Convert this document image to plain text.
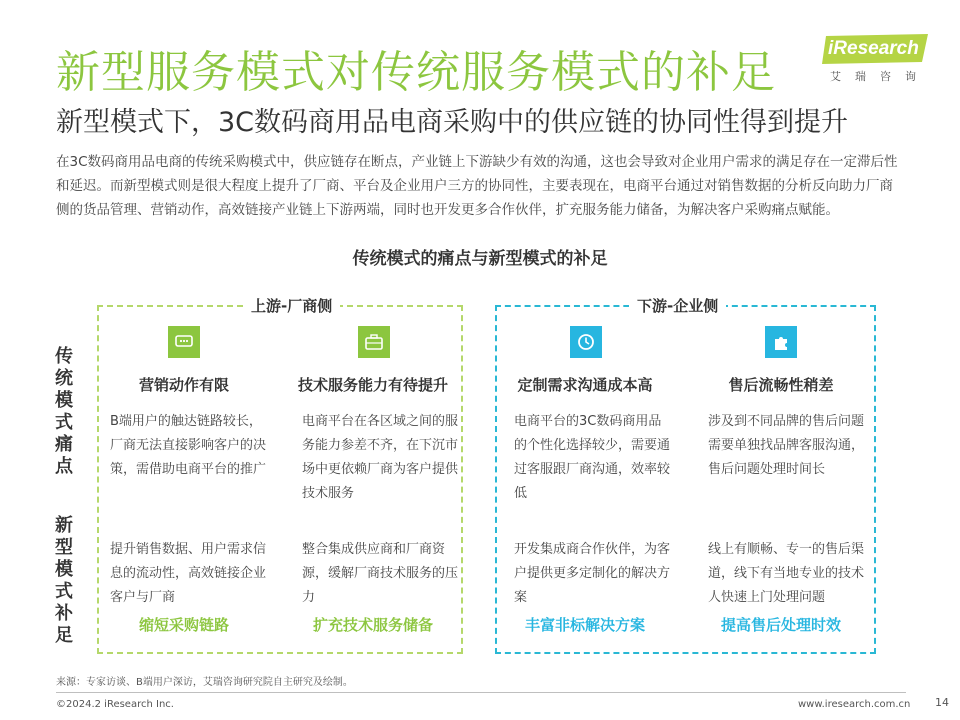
新型服务模式对传统服务模式的补足
新型模式下，3C数码商用品电商采购中的供应链的协同性得到提升
iResearch
艾瑞咨询

在3C数码商用品电商的传统采购模式中，供应链存在断点，产业链上下游缺少有效的沟通，这也会导致对企业用户需求的满足存在一定滞后性和延迟。而新型模式则是很大程度上提升了厂商、平台及企业用户三方的协同性，主要表现在，电商平台通过对销售数据的分析反向助力厂商侧的货品管理、营销动作，高效链接产业链上下游两端，同时也开发更多合作伙伴，扩充服务能力储备，为解决客户采购痛点赋能。

传统模式的痛点与新型模式的补足
上游-厂商侧	下游-企业侧
传统模式痛点
新型模式补足
营销动作有限
B端用户的触达链路较长，厂商无法直接影响客户的决策，需借助电商平台的推广
提升销售数据、用户需求信息的流动性，高效链接企业客户与厂商
缩短采购链路
技术服务能力有待提升
电商平台在各区域之间的服务能力参差不齐，在下沉市场中更依赖厂商为客户提供技术服务
整合集成供应商和厂商资源，缓解厂商技术服务的压力
扩充技术服务储备
定制需求沟通成本高
电商平台的3C数码商用品的个性化选择较少，需要通过客服跟厂商沟通，效率较低
开发集成商合作伙伴，为客户提供更多定制化的解决方案
丰富非标解决方案
售后流畅性稍差
涉及到不同品牌的售后问题需要单独找品牌客服沟通，售后问题处理时间长
线上有顺畅、专一的售后渠道，线下有当地专业的技术人快速上门处理问题
提高售后处理时效
来源：专家访谈、B端用户深访，艾瑞咨询研究院自主研究及绘制。
©2024.2 iResearch Inc.	www.iresearch.com.cn 14
